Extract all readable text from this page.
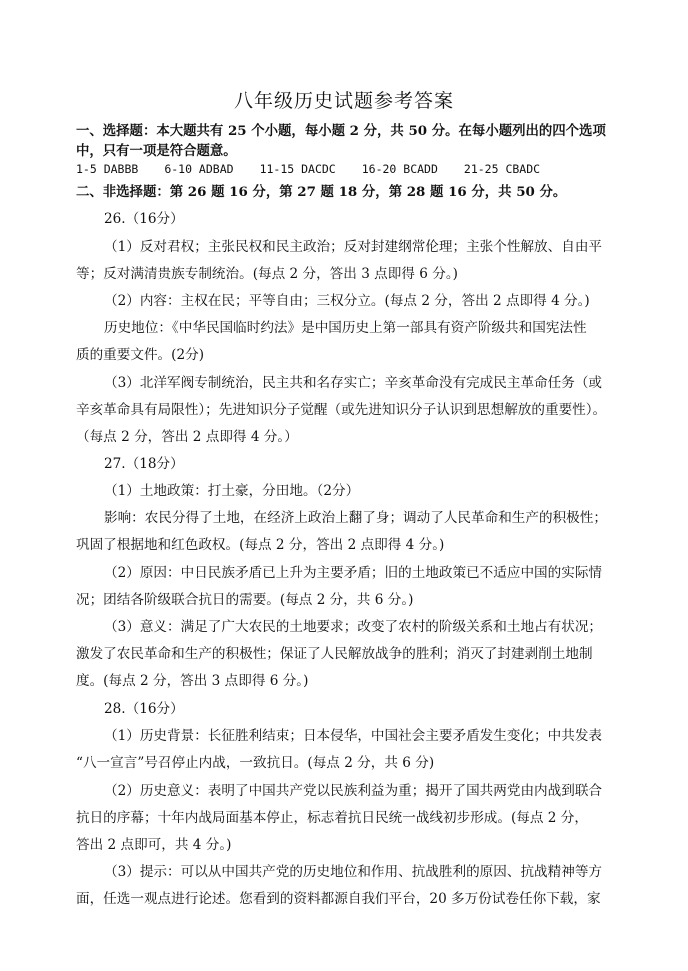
八年级历史试题参考答案
一、选择题：本大题共有 25 个小题，每小题 2 分，共 50 分。在每小题列出的四个选项
中，只有一项是符合题意。
1-5 DABBB 6-10 ADBAD 11-15 DACDC 16-20 BCADD 21-25 CBADC
二、非选择题：第 26 题 16 分，第 27 题 18 分，第 28 题 16 分，共 50 分。
26.（16分）
（1）反对君权；主张民权和民主政治；反对封建纲常伦理；主张个性解放、自由平
等；反对满清贵族专制统治。(每点 2 分，答出 3 点即得 6 分。)
（2）内容：主权在民；平等自由；三权分立。(每点 2 分，答出 2 点即得 4 分。)
历史地位：《中华民国临时约法》是中国历史上第一部具有资产阶级共和国宪法性
质的重要文件。(2分)
（3）北洋军阀专制统治，民主共和名存实亡；辛亥革命没有完成民主革命任务（或
辛亥革命具有局限性）；先进知识分子觉醒（或先进知识分子认识到思想解放的重要性）。
（每点 2 分，答出 2 点即得 4 分。）
27.（18分）
（1）土地政策：打土豪，分田地。（2分）
影响：农民分得了土地，在经济上政治上翻了身；调动了人民革命和生产的积极性；
巩固了根据地和红色政权。(每点 2 分，答出 2 点即得 4 分。)
（2）原因：中日民族矛盾已上升为主要矛盾；旧的土地政策已不适应中国的实际情
况；团结各阶级联合抗日的需要。(每点 2 分，共 6 分。)
（3）意义：满足了广大农民的土地要求；改变了农村的阶级关系和土地占有状况；
激发了农民革命和生产的积极性；保证了人民解放战争的胜利；消灭了封建剥削土地制
度。(每点 2 分，答出 3 点即得 6 分。)
28.（16分）
（1）历史背景：长征胜利结束；日本侵华，中国社会主要矛盾发生变化；中共发表
“八一宣言”号召停止内战，一致抗日。(每点 2 分，共 6 分)
（2）历史意义：表明了中国共产党以民族利益为重；揭开了国共两党由内战到联合
抗日的序幕；十年内战局面基本停止，标志着抗日民统一战线初步形成。(每点 2 分，
答出 2 点即可，共 4 分。)
（3）提示：可以从中国共产党的历史地位和作用、抗战胜利的原因、抗战精神等方
面，任选一观点进行论述。您看到的资料都源自我们平台，20 多万份试卷任你下载，家
